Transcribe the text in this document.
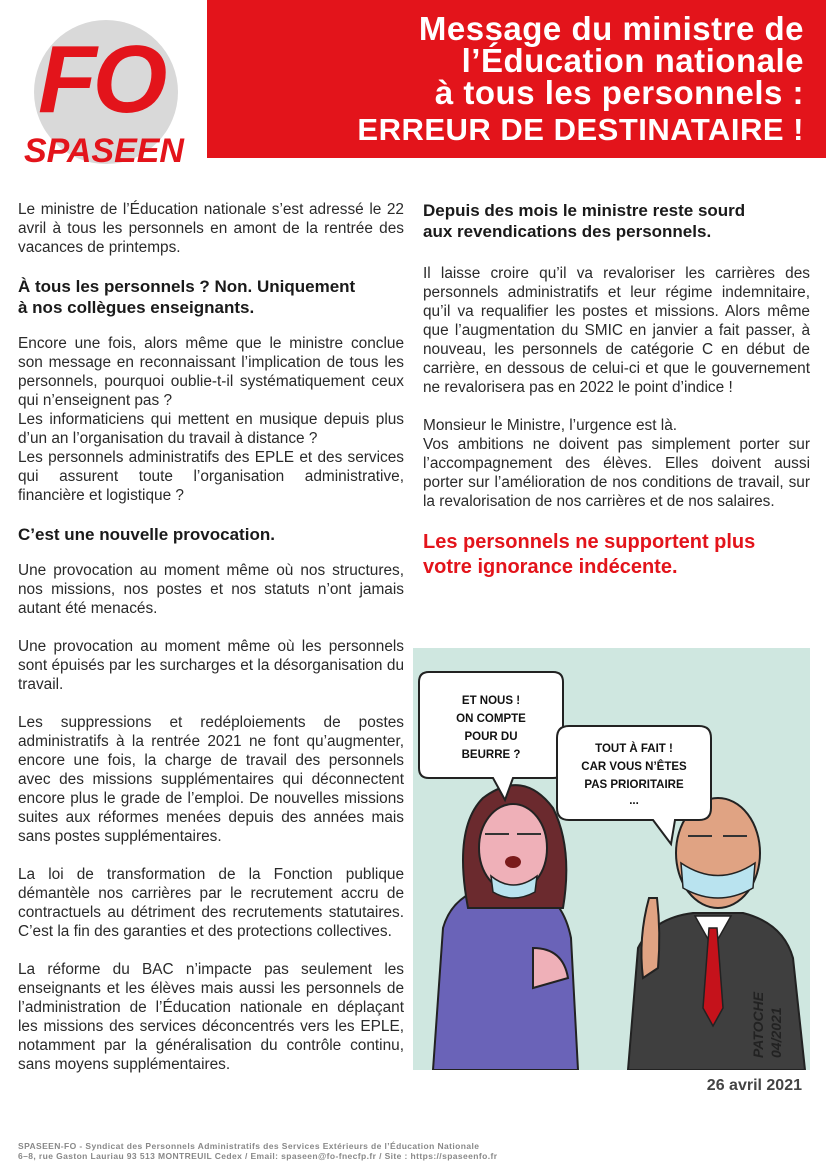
FO
SPASEEN
Message du ministre de
l’Éducation nationale
à tous les personnels :
ERREUR DE DESTINATAIRE !

Le ministre de l’Éducation nationale s’est adressé le 22 avril à tous les personnels en amont de la rentrée des vacances de printemps.

À tous les personnels ? Non. Uniquement
à nos collègues enseignants.

Encore une fois, alors même que le ministre conclue son message en reconnaissant l’implication de tous les personnels, pourquoi oublie-t-il systématiquement ceux qui n’enseignent pas ?
Les informaticiens qui mettent en musique depuis plus d’un an l’organisation du travail à distance ?
Les personnels administratifs des EPLE et des services qui assurent toute l’organisation administrative, financière et logistique ?

C’est une nouvelle provocation.

Une provocation au moment même où nos structures, nos missions, nos postes et nos statuts n’ont jamais autant été menacés.

Une provocation au moment même où les personnels sont épuisés par les surcharges et la désorganisation du travail.

Les suppressions et redéploiements de postes administratifs à la rentrée 2021 ne font qu’augmenter, encore une fois, la charge de travail des personnels avec des missions supplémentaires qui déconnectent encore plus le grade de l’emploi. De nouvelles missions suites aux réformes menées depuis des années mais sans postes supplémentaires.

La loi de transformation de la Fonction publique démantèle nos carrières par le recrutement accru de contractuels au détriment des recrutements statutaires. C’est la fin des garanties et des protections collectives.

La réforme du BAC n’impacte pas seulement les enseignants et les élèves mais aussi les personnels de l’administration de l’Éducation nationale en déplaçant les missions des services déconcentrés vers les EPLE, notamment par la généralisation du contrôle continu, sans moyens supplémentaires.

Depuis des mois le ministre reste sourd
aux revendications des personnels.

Il laisse croire qu’il va revaloriser les carrières des personnels administratifs et leur régime indemnitaire, qu’il va requalifier les postes et missions. Alors même que l’augmentation du SMIC en janvier a fait passer, à nouveau, les personnels de catégorie C en début de carrière, en dessous de celui-ci et que le gouvernement ne revalorisera pas en 2022 le point d’indice !

Monsieur le Ministre, l’urgence est là.
Vos ambitions ne doivent pas simplement porter sur l’accompagnement des élèves. Elles doivent aussi porter sur l’amélioration de nos conditions de travail, sur la revalorisation de nos carrières et de nos salaires.

Les personnels ne supportent plus
votre ignorance indécente.

ET NOUS !
ON COMPTE
POUR DU
BEURRE ?	TOUT À FAIT !
CAR VOUS N’ÊTES
PAS PRIORITAIRE
...
PATOCHE 04/2021
26 avril 2021
SPASEEN-FO - Syndicat des Personnels Administratifs des Services Extérieurs de l’Éducation Nationale
6–8, rue Gaston Lauriau 93 513 MONTREUIL Cedex / Email: spaseen@fo-fnecfp.fr / Site : https://spaseenfo.fr
